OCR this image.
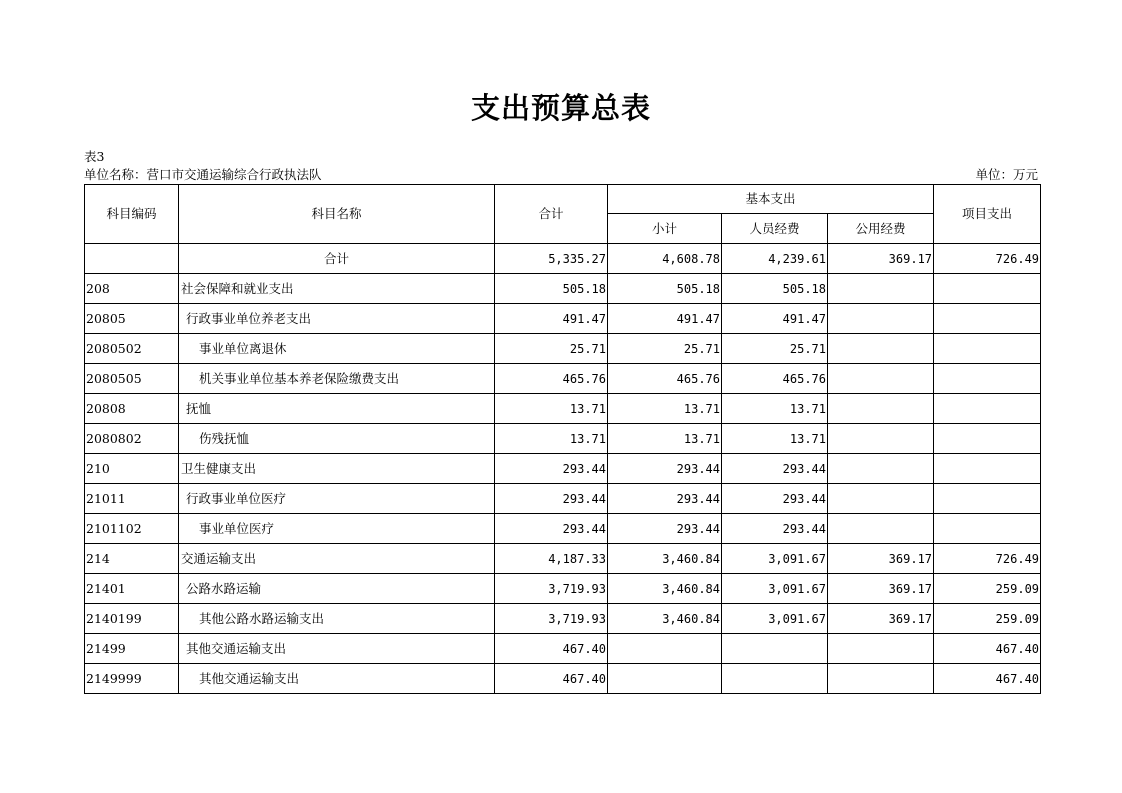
支出预算总表
表3
单位名称：营口市交通运输综合行政执法队	单位：万元
科目编码	科目名称	合计	基本支出			项目支出
			小计	人员经费	公用经费	
	合计	5,335.27	4,608.78	4,239.61	369.17	726.49
208	社会保障和就业支出	505.18	505.18	505.18		
20805	行政事业单位养老支出	491.47	491.47	491.47		
2080502	事业单位离退休	25.71	25.71	25.71		
2080505	机关事业单位基本养老保险缴费支出	465.76	465.76	465.76		
20808	抚恤	13.71	13.71	13.71		
2080802	伤残抚恤	13.71	13.71	13.71		
210	卫生健康支出	293.44	293.44	293.44		
21011	行政事业单位医疗	293.44	293.44	293.44		
2101102	事业单位医疗	293.44	293.44	293.44		
214	交通运输支出	4,187.33	3,460.84	3,091.67	369.17	726.49
21401	公路水路运输	3,719.93	3,460.84	3,091.67	369.17	259.09
2140199	其他公路水路运输支出	3,719.93	3,460.84	3,091.67	369.17	259.09
21499	其他交通运输支出	467.40				467.40
2149999	其他交通运输支出	467.40				467.40
